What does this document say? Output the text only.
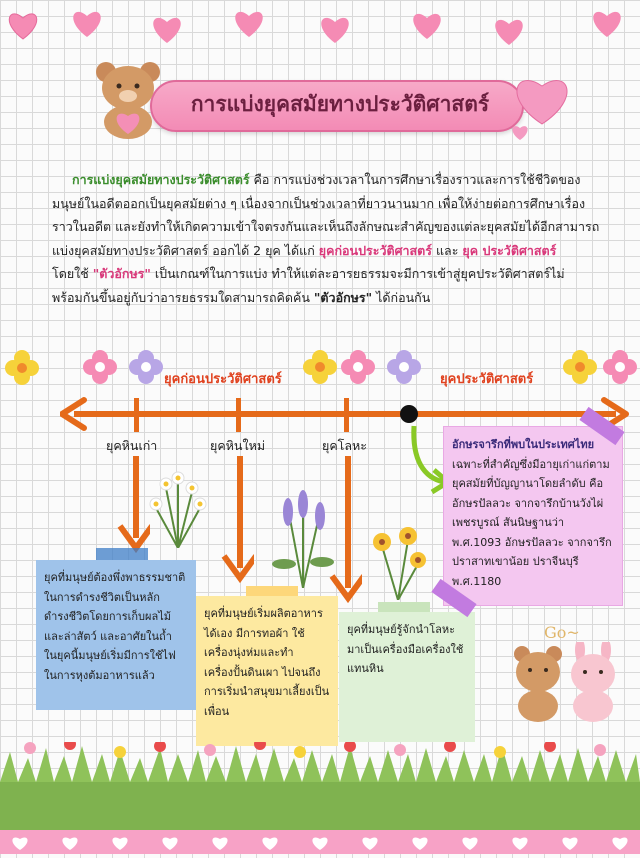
การแบ่งยุคสมัยทางประวัติศาสตร์
การแบ่งยุคสมัยทางประวัติศาสตร์ คือ การแบ่งช่วงเวลาในการศึกษาเรื่องราวและการใช้ชีวิตของ
มนุษย์ในอดีตออกเป็นยุคสมัยต่าง ๆ เนื่องจากเป็นช่วงเวลาที่ยาวนานมาก เพื่อให้ง่ายต่อการศึกษาเรื่อง
ราวในอดีต และยังทำให้เกิดความเข้าใจตรงกันและเห็นถึงลักษณะสำคัญของแต่ละยุคสมัยได้อีกสามารถ
แบ่งยุคสมัยทางประวัติศาสตร์ ออกได้ 2 ยุค ได้แก่ ยุคก่อนประวัติศาสตร์ และ ยุค ประวัติศาสตร์
โดยใช้ "ตัวอักษร" เป็นเกณฑ์ในการแบ่ง ทำให้แต่ละอารยธรรมจะมีการเข้าสู่ยุคประวัติศาสตร์ไม่
พร้อมกันขึ้นอยู่กับว่าอารยธรรมใดสามารถคิดค้น "ตัวอักษร" ได้ก่อนกัน
ยุคก่อนประวัติศาสตร์	ยุคประวัติศาสตร์
ยุคหินเก่า	ยุคหินใหม่	ยุคโลหะ
ยุคที่มนุษย์ต้องพึ่งพาธรรมชาติในการดำรงชีวิตเป็นหลัก ดำรงชีวิตโดยการเก็บผลไม้และล่าสัตว์ และอาศัยในถ้ำ ในยุคนี้มนุษย์เริ่มมีการใช้ไฟในการหุงต้มอาหารแล้ว
ยุคที่มนุษย์เริ่มผลิตอาหารได้เอง มีการทอผ้า ใช้เครื่องนุ่งห่มและทำเครื่องปั้นดินเผา ไปจนถึงการเริ่มนำสนุขมาเลี้ยงเป็นเพื่อน
ยุคที่มนุษย์รู้จักนำโลหะมาเป็นเครื่องมือเครื่องใช้แทนหิน
อักษรจารึกที่พบในประเทศไทย
เฉพาะที่สำคัญซึ่งมีอายุเก่าแก่ตามยุคสมัยที่บัญญานาโดยลำดับ คือ อักษรปัลลวะ จากจารึกบ้านวังไผ่ เพชรบูรณ์ สันนิษฐานว่า พ.ศ.1093 อักษรปัลลวะ จากจารึกปราสาทเขาน้อย ปราจีนบุรี พ.ศ.1180
Go~
